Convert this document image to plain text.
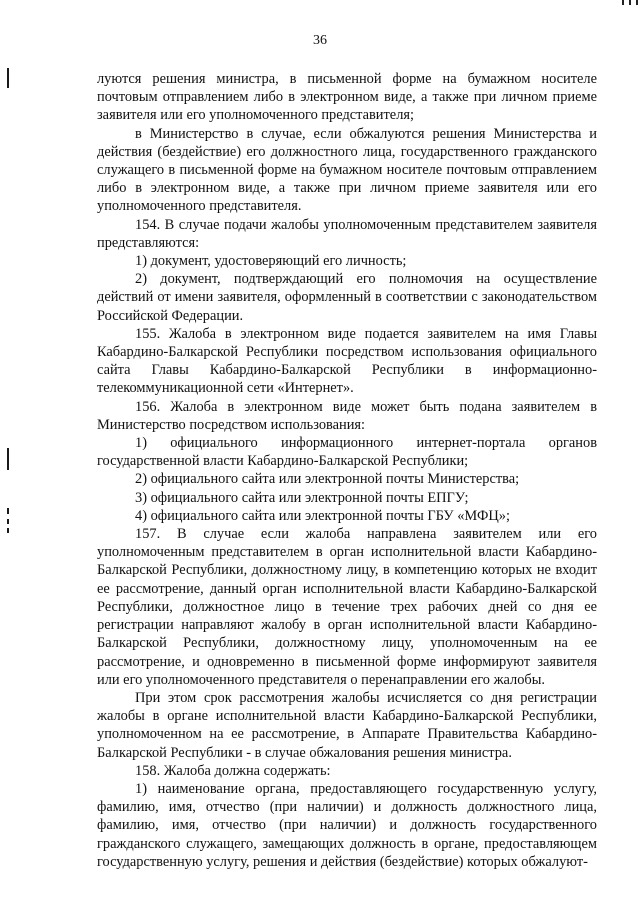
36

луются решения министра, в письменной форме на бумажном носителе почтовым отправлением либо в электронном виде, а также при личном приеме заявителя или его уполномоченного представителя;

в Министерство в случае, если обжалуются решения Министерства и действия (бездействие) его должностного лица, государственного гражданского служащего в письменной форме на бумажном носителе почтовым отправлением либо в электронном виде, а также при личном приеме заявителя или его уполномоченного представителя.

154. В случае подачи жалобы уполномоченным представителем заявителя представляются:

1) документ, удостоверяющий его личность;

2) документ, подтверждающий его полномочия на осуществление действий от имени заявителя, оформленный в соответствии с законодательством Российской Федерации.

155. Жалоба в электронном виде подается заявителем на имя Главы Кабардино-Балкарской Республики посредством использования официального сайта Главы Кабардино-Балкарской Республики в информационно-телекоммуникационной сети «Интернет».

156. Жалоба в электронном виде может быть подана заявителем в Министерство посредством использования:

1) официального информационного интернет-портала органов государственной власти Кабардино-Балкарской Республики;

2) официального сайта или электронной почты Министерства;

3) официального сайта или электронной почты ЕПГУ;

4) официального сайта или электронной почты ГБУ «МФЦ»;

157. В случае если жалоба направлена заявителем или его уполномоченным представителем в орган исполнительной власти Кабардино-Балкарской Республики, должностному лицу, в компетенцию которых не входит ее рассмотрение, данный орган исполнительной власти Кабардино-Балкарской Республики, должностное лицо в течение трех рабочих дней со дня ее регистрации направляют жалобу в орган исполнительной власти Кабардино-Балкарской Республики, должностному лицу, уполномоченным на ее рассмотрение, и одновременно в письменной форме информируют заявителя или его уполномоченного представителя о перенаправлении его жалобы.

При этом срок рассмотрения жалобы исчисляется со дня регистрации жалобы в органе исполнительной власти Кабардино-Балкарской Республики, уполномоченном на ее рассмотрение, в Аппарате Правительства Кабардино-Балкарской Республики - в случае обжалования решения министра.

158. Жалоба должна содержать:

1) наименование органа, предоставляющего государственную услугу, фамилию, имя, отчество (при наличии) и должность должностного лица, фамилию, имя, отчество (при наличии) и должность государственного гражданского служащего, замещающих должность в органе, предоставляющем государственную услугу, решения и действия (бездействие) которых обжалуют-
